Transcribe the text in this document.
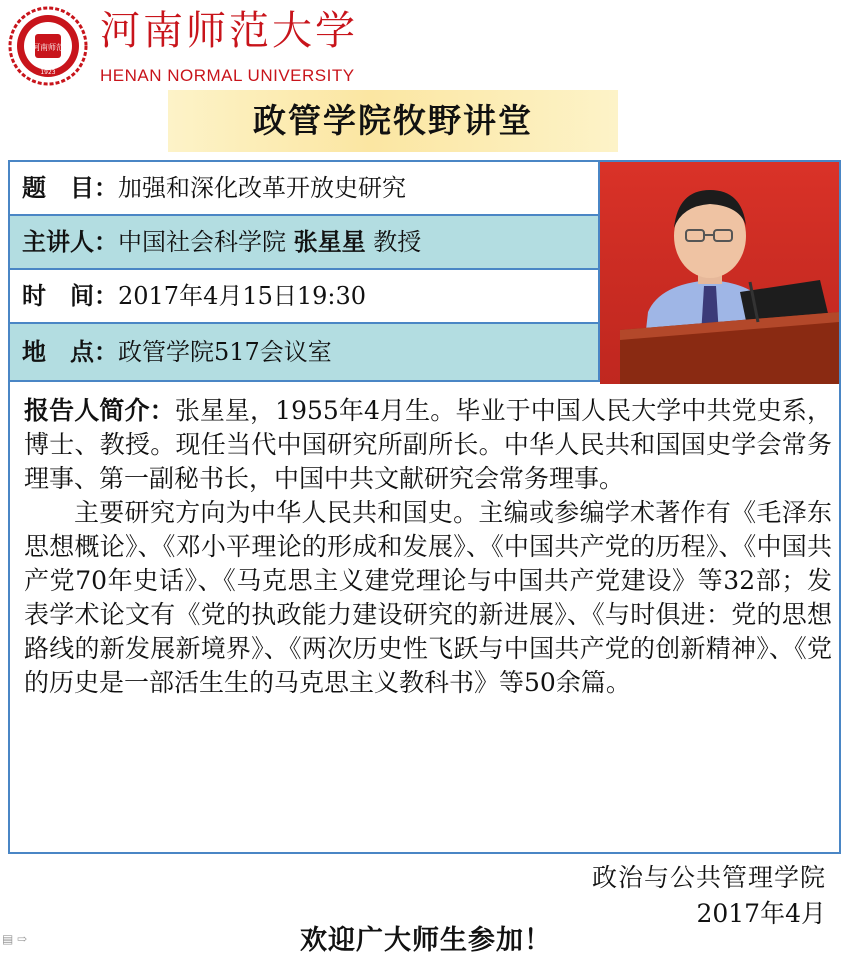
河南师范
1923
河南师范大学
HENAN NORMAL UNIVERSITY
政管学院牧野讲堂
题　目：加强和深化改革开放史研究
主讲人：中国社会科学院 张星星 教授
时　间：2017年4月15日19:30
地　点：政管学院517会议室

报告人简介：张星星，1955年4月生。毕业于中国人民大学中共党史系，博士、教授。现任当代中国研究所副所长。中华人民共和国国史学会常务理事、第一副秘书长，中国中共文献研究会常务理事。

主要研究方向为中华人民共和国史。主编或参编学术著作有《毛泽东思想概论》、《邓小平理论的形成和发展》、《中国共产党的历程》、《中国共产党70年史话》、《马克思主义建党理论与中国共产党建设》等32部；发表学术论文有《党的执政能力建设研究的新进展》、《与时俱进：党的思想路线的新发展新境界》、《两次历史性飞跃与中国共产党的创新精神》、《党的历史是一部活生生的马克思主义教科书》等50余篇。

政治与公共管理学院
2017年4月
欢迎广大师生参加！
▤ ⇨
